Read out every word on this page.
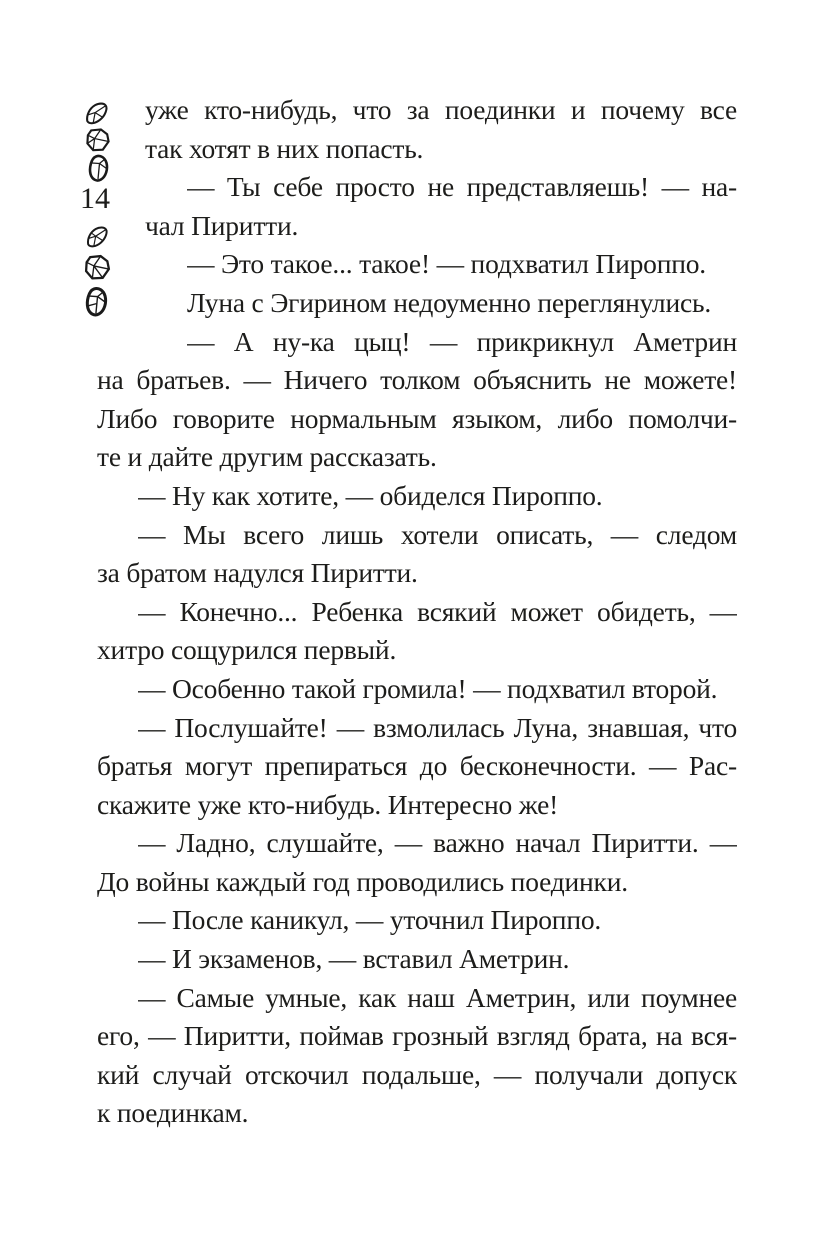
14
уже кто-нибудь, что за поединки и почему все
так хотят в них попасть.
— Ты себе просто не представляешь! — на-
чал Пиритти.
— Это такое... такое! — подхватил Пироппо.
Луна с Эгирином недоуменно переглянулись.
— А ну-ка цыц! — прикрикнул Аметрин
на братьев. — Ничего толком объяснить не можете!
Либо говорите нормальным языком, либо помолчи-
те и дайте другим рассказать.
— Ну как хотите, — обиделся Пироппо.
— Мы всего лишь хотели описать, — следом
за братом надулся Пиритти.
— Конечно... Ребенка всякий может обидеть, —
хитро сощурился первый.
— Особенно такой громила! — подхватил второй.
— Послушайте! — взмолилась Луна, знавшая, что
братья могут препираться до бесконечности. — Рас-
скажите уже кто-нибудь. Интересно же!
— Ладно, слушайте, — важно начал Пиритти. —
До войны каждый год проводились поединки.
— После каникул, — уточнил Пироппо.
— И экзаменов, — вставил Аметрин.
— Самые умные, как наш Аметрин, или поумнее
его, — Пиритти, поймав грозный взгляд брата, на вся-
кий случай отскочил подальше, — получали допуск
к поединкам.
